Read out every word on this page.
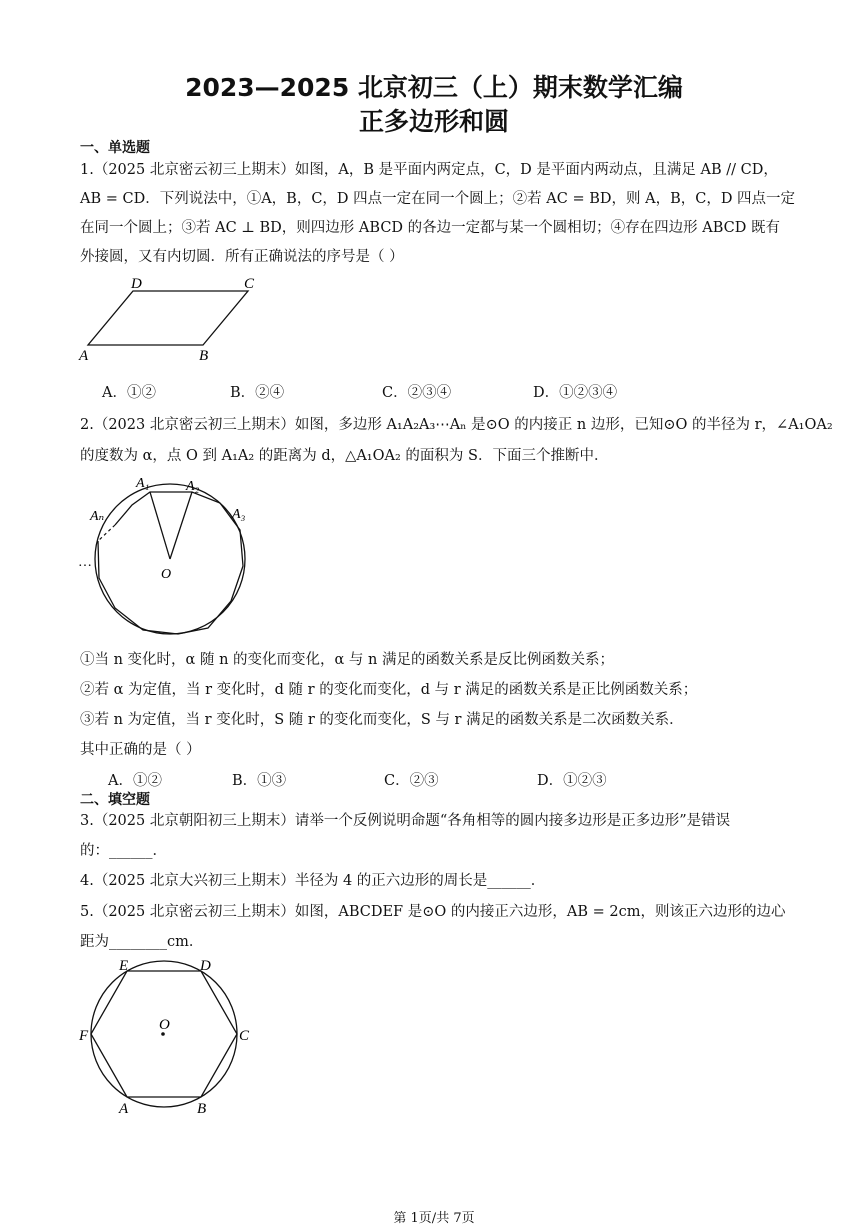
2023—2025 北京初三（上）期末数学汇编
正多边形和圆
一、单选题
1.（2025 北京密云初三上期末）如图，A，B 是平面内两定点，C，D 是平面内两动点，且满足 AB // CD，
AB = CD．下列说法中，①A，B，C，D 四点一定在同一个圆上；②若 AC = BD，则 A，B，C，D 四点一定
在同一个圆上；③若 AC ⊥ BD，则四边形 ABCD 的各边一定都与某一个圆相切；④存在四边形 ABCD 既有
外接圆，又有内切圆．所有正确说法的序号是（ ）
A	B
C
D
A．①②	B．②④	C．②③④	D．①②③④
2.（2023 北京密云初三上期末）如图，多边形 A₁A₂A₃⋯Aₙ 是⊙O 的内接正 n 边形，已知⊙O 的半径为 r，∠A₁OA₂
的度数为 α，点 O 到 A₁A₂ 的距离为 d，△A₁OA₂ 的面积为 S．下面三个推断中．
A₁	A₂
A₃
Aₙ
O
…
①当 n 变化时，α 随 n 的变化而变化，α 与 n 满足的函数关系是反比例函数关系；
②若 α 为定值，当 r 变化时，d 随 r 的变化而变化，d 与 r 满足的函数关系是正比例函数关系；
③若 n 为定值，当 r 变化时，S 随 r 的变化而变化，S 与 r 满足的函数关系是二次函数关系．
其中正确的是（ ）
A．①②	B．①③	C．②③	D．①②③
二、填空题
3.（2025 北京朝阳初三上期末）请举一个反例说明命题“各角相等的圆内接多边形是正多边形”是错误
的：______．
4.（2025 北京大兴初三上期末）半径为 4 的正六边形的周长是______．
5.（2025 北京密云初三上期末）如图，ABCDEF 是⊙O 的内接正六边形，AB = 2cm，则该正六边形的边心
距为________cm．
O
A	B
C
D
E
F
第 1页/共 7页
